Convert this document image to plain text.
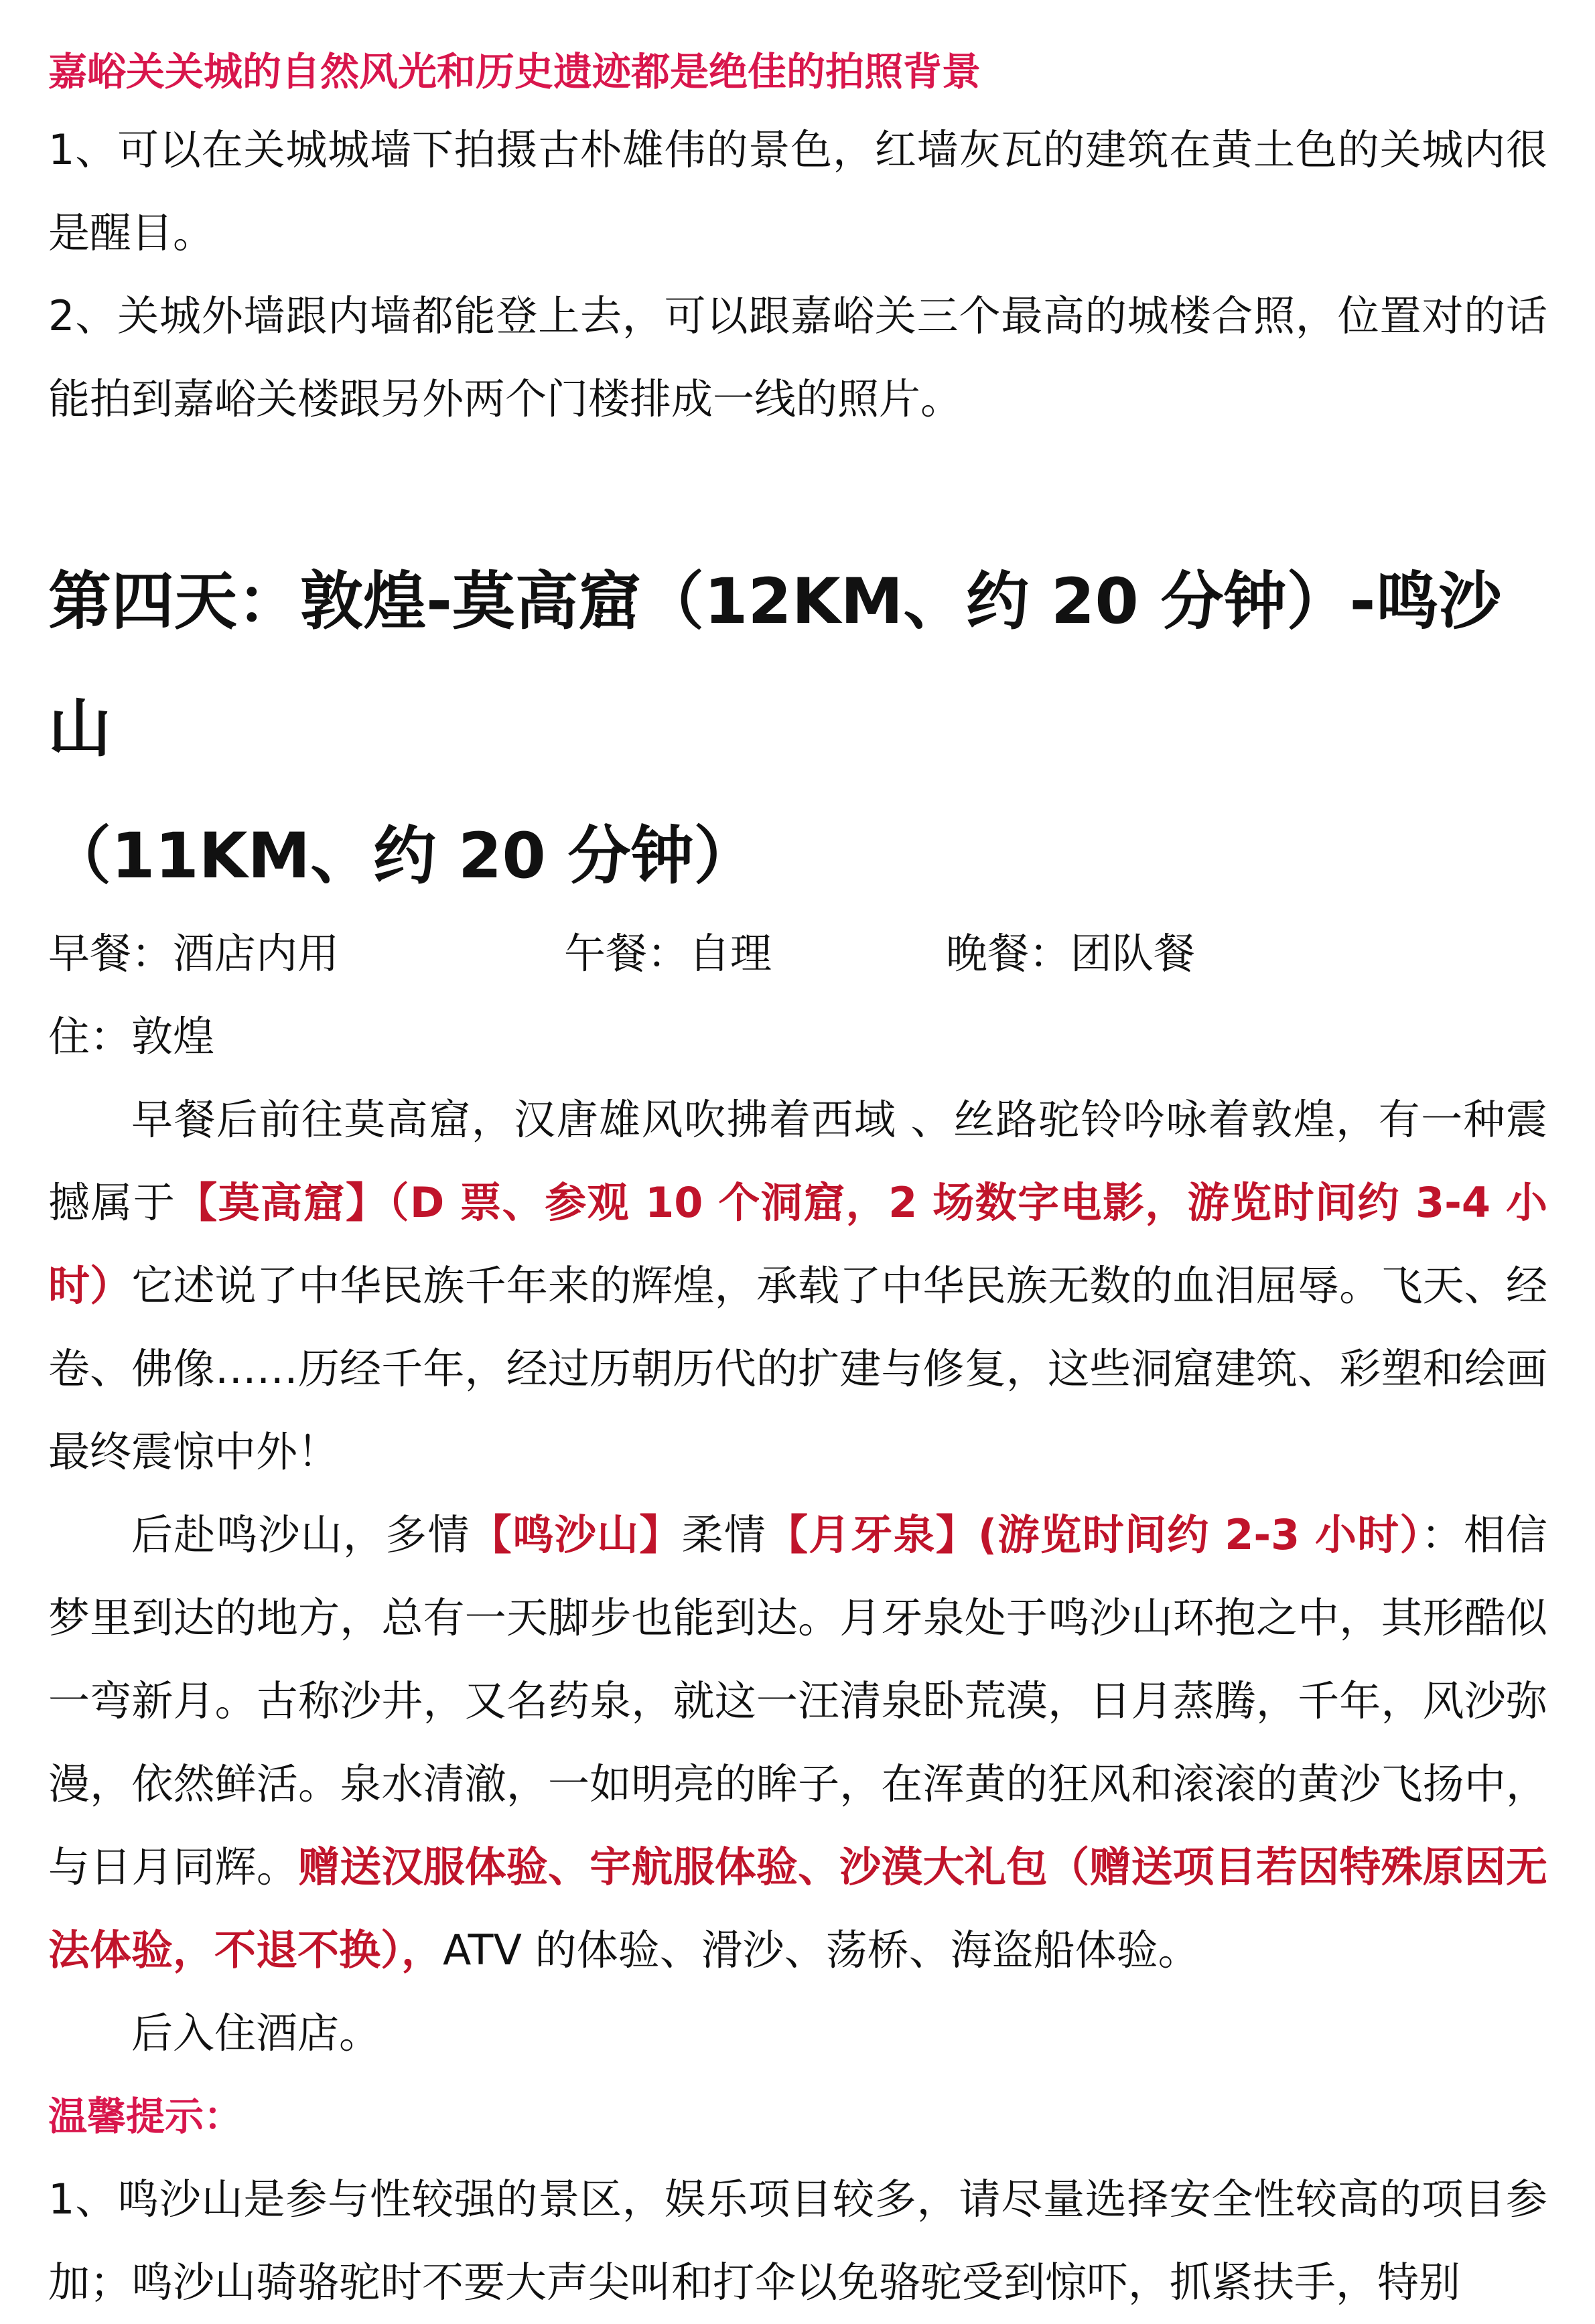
嘉峪关关城的自然风光和历史遗迹都是绝佳的拍照背景

1、可以在关城城墙下拍摄古朴雄伟的景色，红墙灰瓦的建筑在黄土色的关城内很是醒目。

2、关城外墙跟内墙都能登上去，可以跟嘉峪关三个最高的城楼合照，位置对的话能拍到嘉峪关楼跟另外两个门楼排成一线的照片。

第四天：敦煌-莫高窟（12KM、约 20 分钟）-鸣沙山
（11KM、约 20 分钟）
早餐：酒店内用	午餐：自理	晚餐：团队餐

住：敦煌

早餐后前往莫高窟，汉唐雄风吹拂着西域 、丝路驼铃吟咏着敦煌，有一种震撼属于【莫高窟】（D 票、参观 10 个洞窟，2 场数字电影，游览时间约 3-4 小时）它述说了中华民族千年来的辉煌，承载了中华民族无数的血泪屈辱。飞天、经卷、佛像……历经千年，经过历朝历代的扩建与修复，这些洞窟建筑、彩塑和绘画最终震惊中外！

后赴鸣沙山，多情【鸣沙山】柔情【月牙泉】(游览时间约 2-3 小时）：相信梦里到达的地方，总有一天脚步也能到达。月牙泉处于鸣沙山环抱之中，其形酷似一弯新月。古称沙井，又名药泉，就这一汪清泉卧荒漠，日月蒸腾，千年，风沙弥漫，依然鲜活。泉水清澈，一如明亮的眸子，在浑黄的狂风和滚滚的黄沙飞扬中，与日月同辉。赠送汉服体验、宇航服体验、沙漠大礼包（赠送项目若因特殊原因无法体验，不退不换），ATV 的体验、滑沙、荡桥、海盗船体验。

后入住酒店。

温馨提示：

1、鸣沙山是参与性较强的景区，娱乐项目较多，请尽量选择安全性较高的项目参加；鸣沙山骑骆驼时不要大声尖叫和打伞以免骆驼受到惊吓，抓紧扶手，特别
